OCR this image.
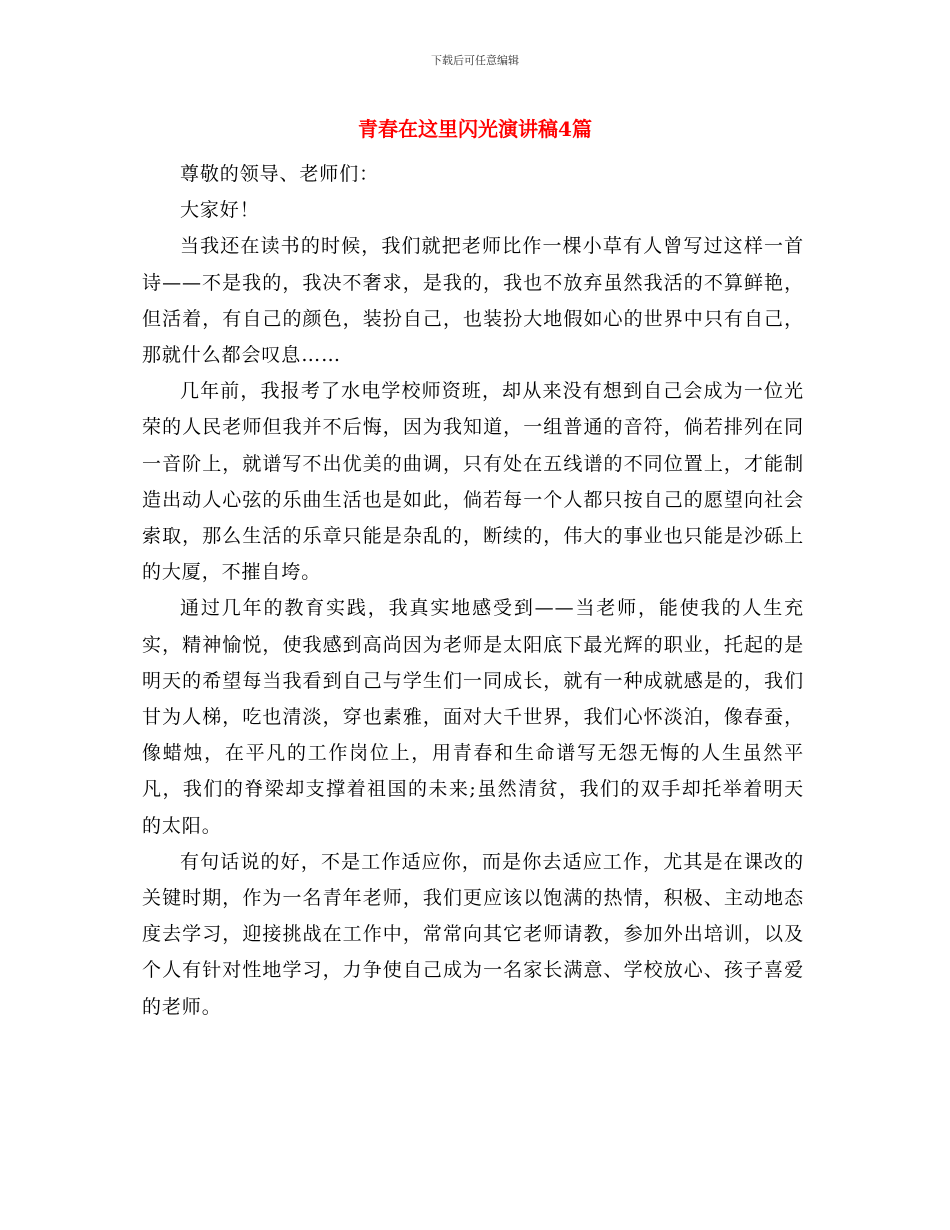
下载后可任意编辑
青春在这里闪光演讲稿4篇

尊敬的领导、老师们：

大家好！

当我还在读书的时候，我们就把老师比作一棵小草有人曾写过这样一首诗——不是我的，我决不奢求，是我的，我也不放弃虽然我活的不算鲜艳，但活着，有自己的颜色，装扮自己，也装扮大地假如心的世界中只有自己，那就什么都会叹息……

几年前，我报考了水电学校师资班，却从来没有想到自己会成为一位光荣的人民老师但我并不后悔，因为我知道，一组普通的音符，倘若排列在同一音阶上，就谱写不出优美的曲调，只有处在五线谱的不同位置上，才能制造出动人心弦的乐曲生活也是如此，倘若每一个人都只按自己的愿望向社会索取，那么生活的乐章只能是杂乱的，断续的，伟大的事业也只能是沙砾上的大厦，不摧自垮。

通过几年的教育实践，我真实地感受到——当老师，能使我的人生充实，精神愉悦，使我感到高尚因为老师是太阳底下最光辉的职业，托起的是明天的希望每当我看到自己与学生们一同成长，就有一种成就感是的，我们甘为人梯，吃也清淡，穿也素雅，面对大千世界，我们心怀淡泊，像春蚕，像蜡烛，在平凡的工作岗位上，用青春和生命谱写无怨无悔的人生虽然平凡，我们的脊梁却支撑着祖国的未来;虽然清贫，我们的双手却托举着明天的太阳。

有句话说的好，不是工作适应你，而是你去适应工作，尤其是在课改的关键时期，作为一名青年老师，我们更应该以饱满的热情，积极、主动地态度去学习，迎接挑战在工作中，常常向其它老师请教，参加外出培训，以及个人有针对性地学习，力争使自己成为一名家长满意、学校放心、孩子喜爱的老师。
